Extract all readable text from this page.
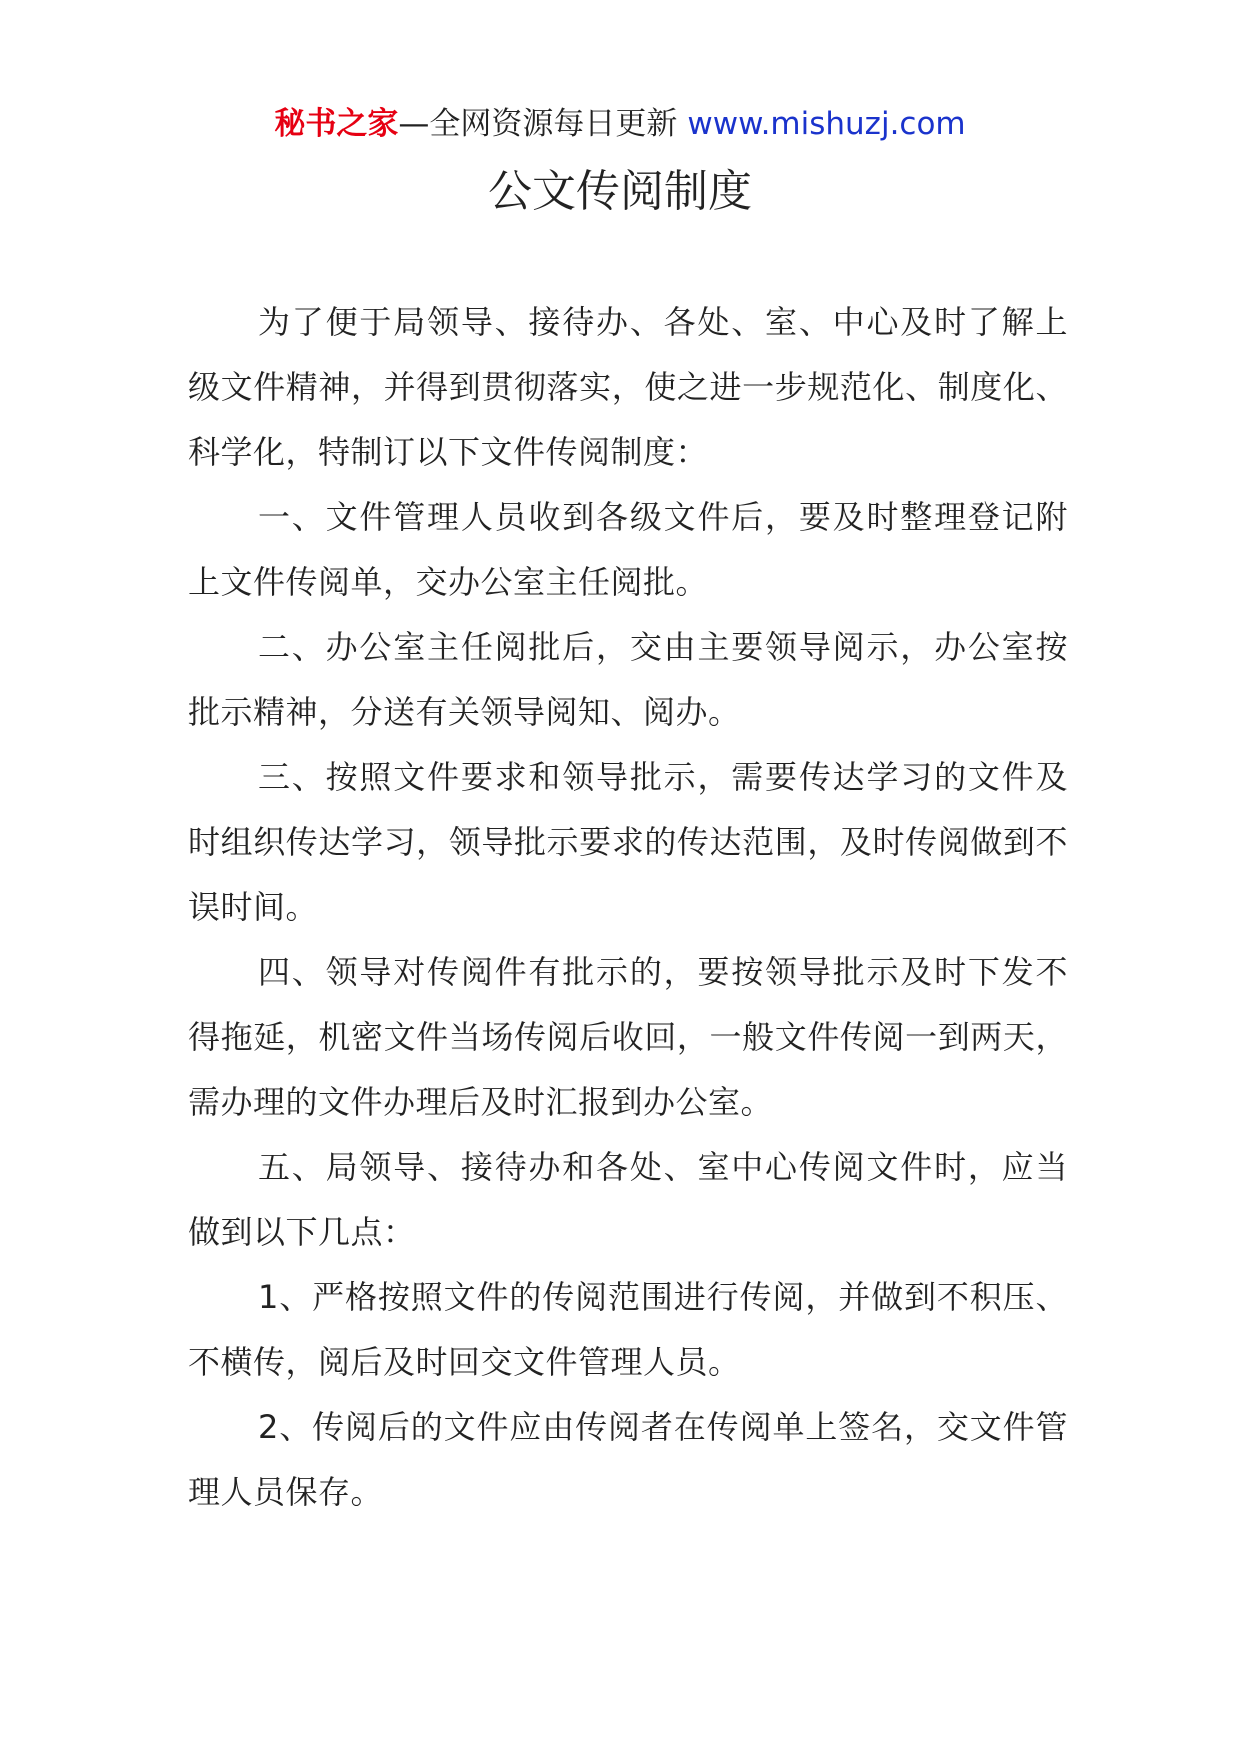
秘书之家—全网资源每日更新 www.mishuzj.com
公文传阅制度

为了便于局领导、接待办、各处、室、中心及时了解上级文件精神，并得到贯彻落实，使之进一步规范化、制度化、科学化，特制订以下文件传阅制度：

一、文件管理人员收到各级文件后，要及时整理登记附上文件传阅单，交办公室主任阅批。

二、办公室主任阅批后，交由主要领导阅示，办公室按批示精神，分送有关领导阅知、阅办。

三、按照文件要求和领导批示，需要传达学习的文件及时组织传达学习，领导批示要求的传达范围，及时传阅做到不误时间。

四、领导对传阅件有批示的，要按领导批示及时下发不得拖延，机密文件当场传阅后收回，一般文件传阅一到两天，需办理的文件办理后及时汇报到办公室。

五、局领导、接待办和各处、室中心传阅文件时，应当做到以下几点：

1、严格按照文件的传阅范围进行传阅，并做到不积压、不横传，阅后及时回交文件管理人员。

2、传阅后的文件应由传阅者在传阅单上签名，交文件管理人员保存。
